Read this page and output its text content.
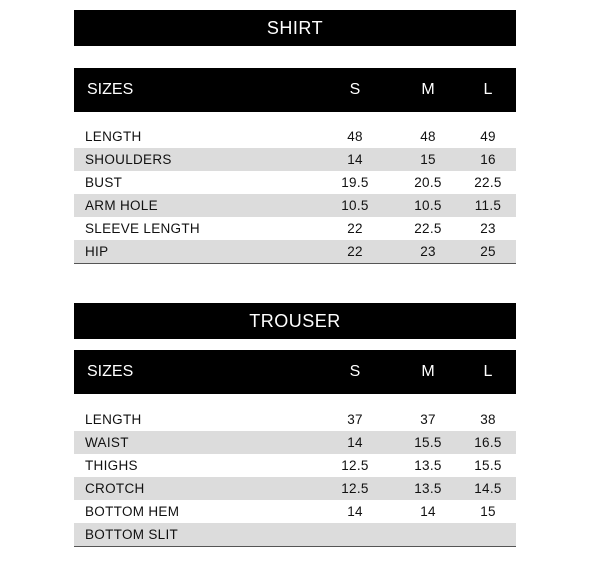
SHIRT
SIZES	S	M	L
LENGTH	48	48	49
SHOULDERS	14	15	16
BUST	19.5	20.5	22.5
ARM HOLE	10.5	10.5	11.5
SLEEVE LENGTH	22	22.5	23
HIP	22	23	25
TROUSER
SIZES	S	M	L
LENGTH	37	37	38
WAIST	14	15.5	16.5
THIGHS	12.5	13.5	15.5
CROTCH	12.5	13.5	14.5
BOTTOM HEM	14	14	15
BOTTOM SLIT
